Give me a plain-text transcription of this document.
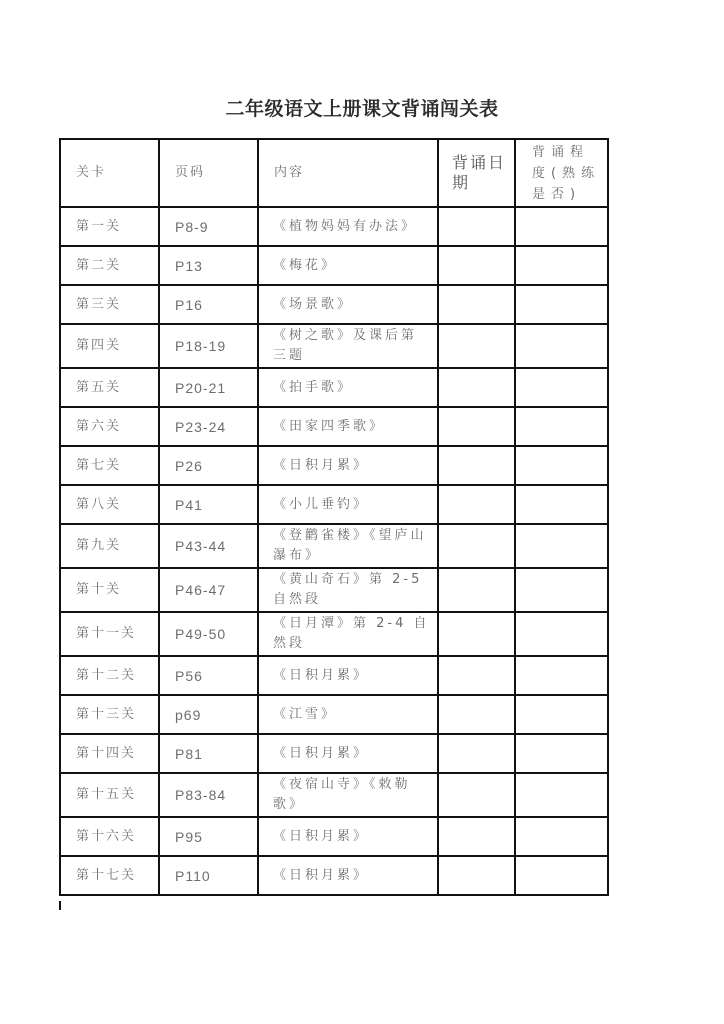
二年级语文上册课文背诵闯关表
关卡	页码	内容	背诵日期	背诵程度(熟练是否)

第一关	P8-9	《植物妈妈有办法》		

第二关	P13	《梅花》		

第三关	P16	《场景歌》		

第四关	P18-19	《树之歌》及课后第三题		

第五关	P20-21	《拍手歌》		

第六关	P23-24	《田家四季歌》		

第七关	P26	《日积月累》		

第八关	P41	《小儿垂钓》		

第九关	P43-44	《登鹳雀楼》《望庐山瀑布》		

第十关	P46-47	《黄山奇石》第 2-5 自然段		

第十一关	P49-50	《日月潭》第 2-4 自然段		

第十二关	P56	《日积月累》		

第十三关	p69	《江雪》		

第十四关	P81	《日积月累》		

第十五关	P83-84	《夜宿山寺》《敕勒歌》		

第十六关	P95	《日积月累》		

第十七关	P110	《日积月累》		
